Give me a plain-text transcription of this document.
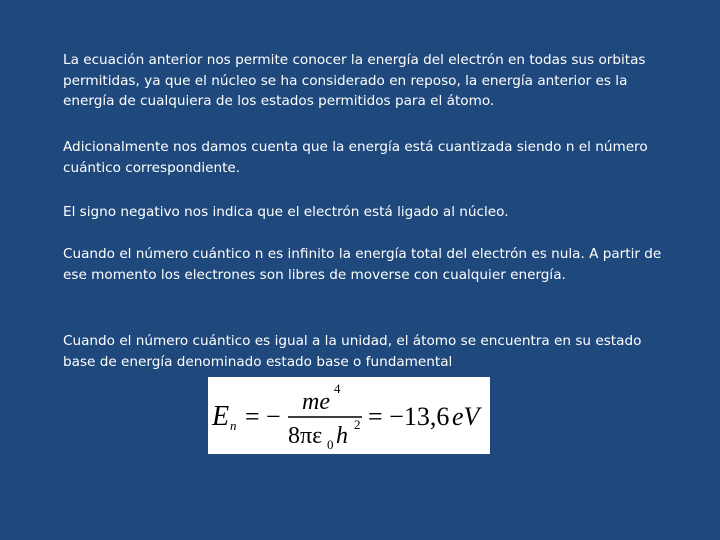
La ecuación anterior nos permite conocer la energía del electrón en todas sus orbitas permitidas, ya que el núcleo se ha considerado en reposo, la energía anterior es la energía de cualquiera de los estados permitidos para el átomo.

Adicionalmente nos damos cuenta que la energía está cuantizada siendo n el número cuántico correspondiente.

El signo negativo nos indica que el electrón está ligado al núcleo.

Cuando el número cuántico n es infinito la energía total del electrón es nula. A partir de ese momento los electrones son libres de moverse con cualquier energía.

Cuando el número cuántico es igual a la unidad, el átomo se encuentra en su estado base de energía denominado estado base o fundamental

E n = − me
4
8πε 0 h 2 = −13,6 eV
